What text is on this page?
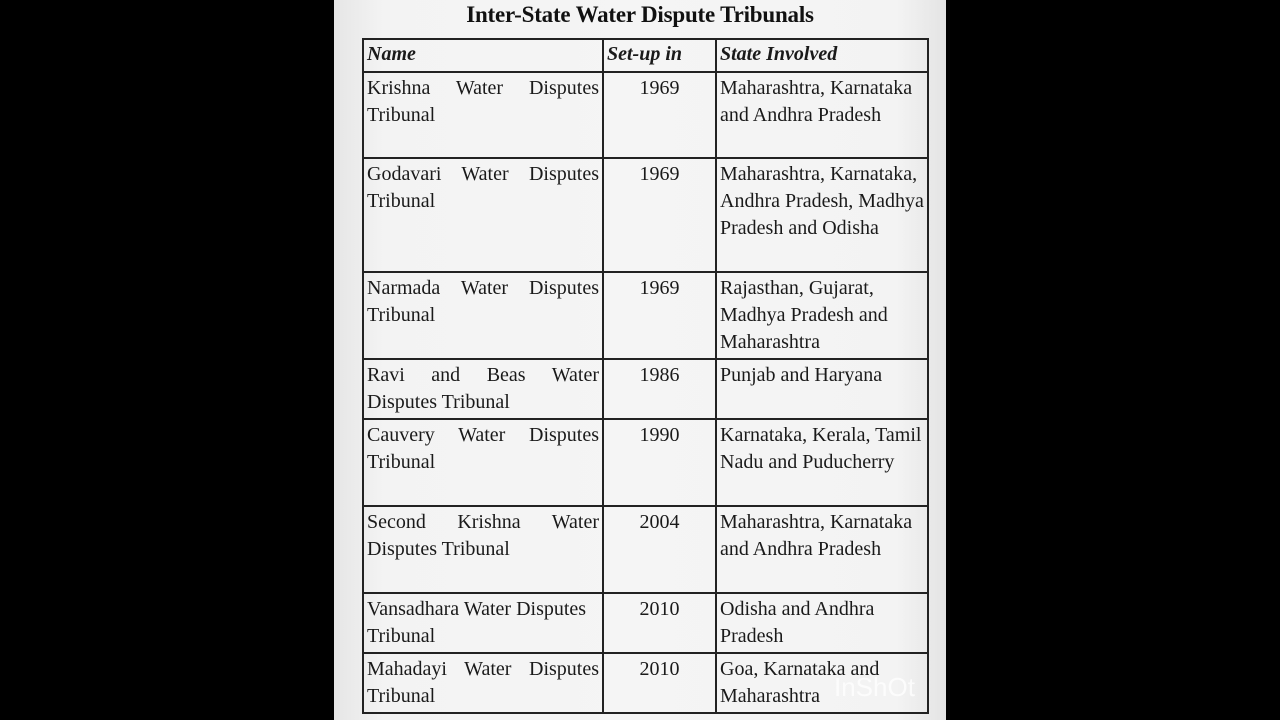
Inter-State Water Dispute Tribunals
Name	Set-up in	State Involved
Krishna Water Disputes Tribunal	1969	Maharashtra, Karnataka and Andhra Pradesh
Godavari Water Disputes Tribunal	1969	Maharashtra, Karnataka, Andhra Pradesh, Madhya Pradesh and Odisha
Narmada Water Disputes Tribunal	1969	Rajasthan, Gujarat, Madhya Pradesh and Maharashtra
Ravi and Beas Water Disputes Tribunal	1986	Punjab and Haryana
Cauvery Water Disputes Tribunal	1990	Karnataka, Kerala, Tamil Nadu and Puducherry
Second Krishna Water Disputes Tribunal	2004	Maharashtra, Karnataka and Andhra Pradesh
Vansadhara Water Disputes Tribunal	2010	Odisha and Andhra Pradesh
Mahadayi Water Disputes Tribunal	2010	Goa, Karnataka and Maharashtra InShOt
